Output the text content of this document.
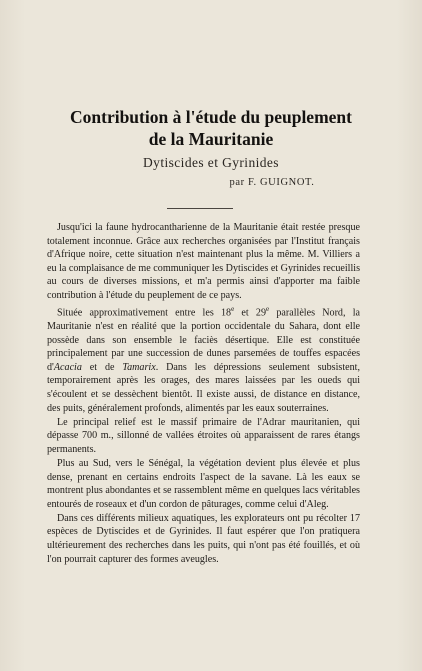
Contribution à l'étude du peuplement
de la Mauritanie
Dytiscides et Gyrinides
par F. GUIGNOT.

Jusqu'ici la faune hydrocantharienne de la Mauritanie était restée presque totalement inconnue. Grâce aux recherches organisées par l'Institut français d'Afrique noire, cette situation n'est maintenant plus la même. M. Villiers a eu la complaisance de me communiquer les Dytiscides et Gyrinides recueillis au cours de diverses missions, et m'a permis ainsi d'apporter ma faible contribution à l'étude du peuplement de ce pays.

Située approximativement entre les 18e et 29e parallèles Nord, la Mauritanie n'est en réalité que la portion occidentale du Sahara, dont elle possède dans son ensemble le faciès désertique. Elle est constituée principalement par une succession de dunes parsemées de touffes espacées d'Acacia et de Tamarix. Dans les dépressions seulement subsistent, temporairement après les orages, des mares laissées par les oueds qui s'écoulent et se dessèchent bientôt. Il existe aussi, de distance en distance, des puits, généralement profonds, alimentés par les eaux souterraines.

Le principal relief est le massif primaire de l'Adrar mauritanien, qui dépasse 700 m., sillonné de vallées étroites où apparaissent de rares étangs permanents.

Plus au Sud, vers le Sénégal, la végétation devient plus élevée et plus dense, prenant en certains endroits l'aspect de la savane. Là les eaux se montrent plus abondantes et se rassemblent même en quelques lacs véritables entourés de roseaux et d'un cordon de pâturages, comme celui d'Aleg.

Dans ces différents milieux aquatiques, les explorateurs ont pu récolter 17 espèces de Dytiscides et de Gyrinides. Il faut espérer que l'on pratiquera ultérieurement des recherches dans les puits, qui n'ont pas été fouillés, et où l'on pourrait capturer des formes aveugles.
